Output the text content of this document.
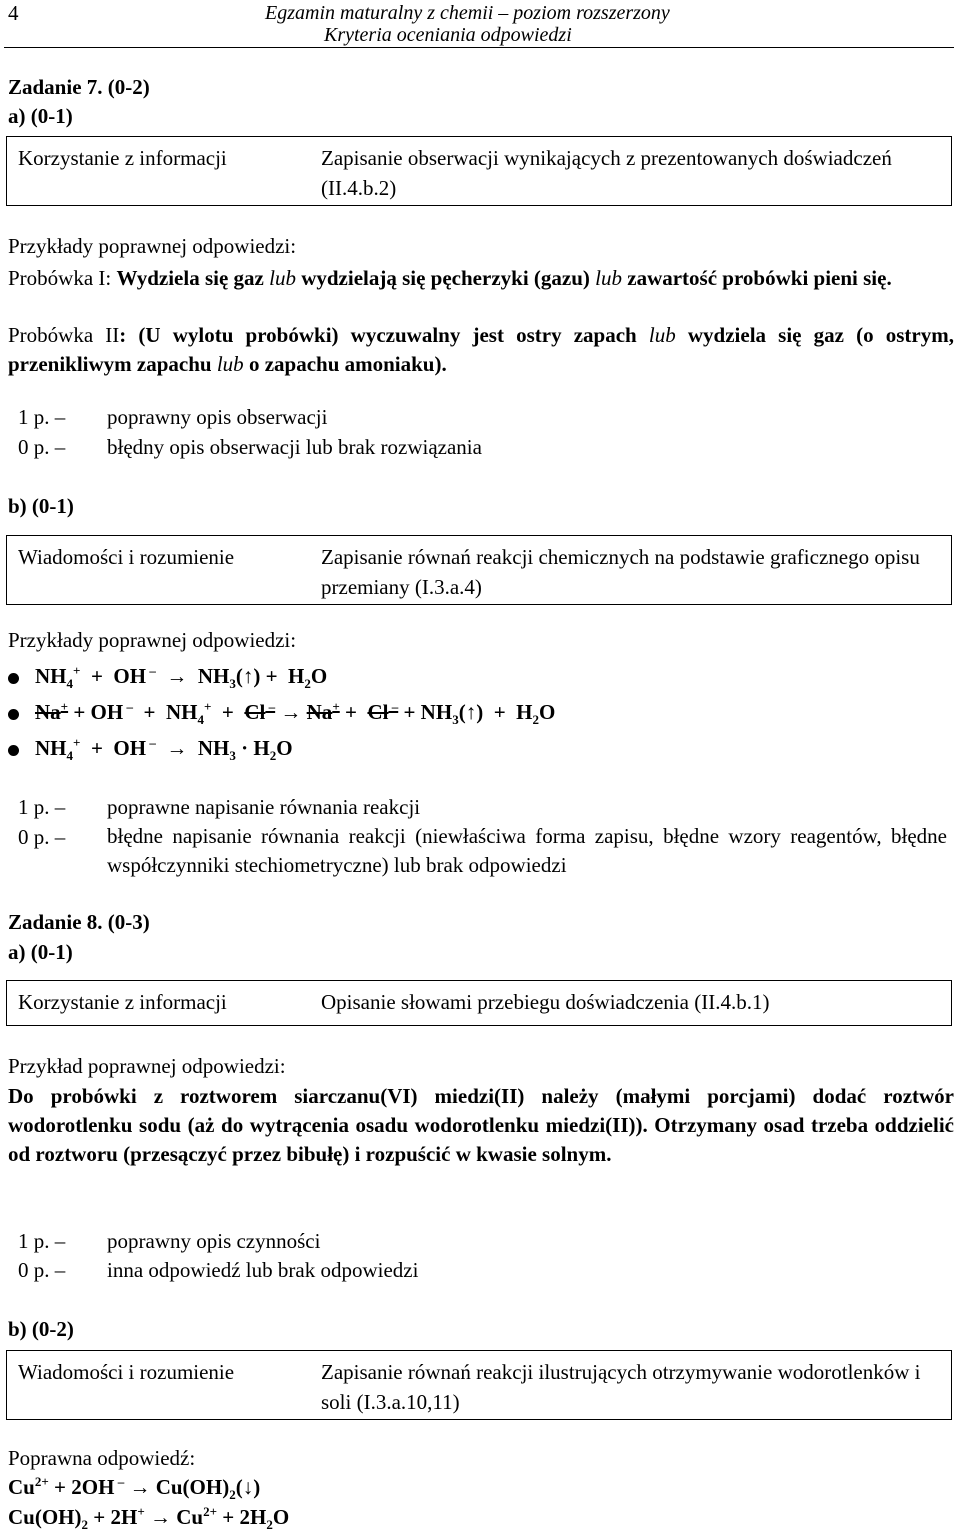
4	Egzamin maturalny z chemii – poziom rozszerzony
Kryteria oceniania odpowiedzi
Zadanie 7. (0-2)
a) (0-1)
Korzystanie z informacji	Zapisanie obserwacji wynikających z prezentowanych doświadczeń (II.4.b.2)
Przykłady poprawnej odpowiedzi:
Probówka I: Wydziela się gaz lub wydzielają się pęcherzyki (gazu) lub zawartość probówki pieni się.
Probówka II: (U wylotu probówki) wyczuwalny jest ostry zapach lub wydziela się gaz (o ostrym, przenikliwym zapachu lub o zapachu amoniaku).
1 p. – poprawny opis obserwacji
0 p. – błędny opis obserwacji lub brak rozwiązania
b) (0-1)
Wiadomości i rozumienie	Zapisanie równań reakcji chemicznych na podstawie graficznego opisu przemiany (I.3.a.4)
Przykłady poprawnej odpowiedzi:
$NH_4^+$  +  OH $^- \to NH_3(↑) + H_2O$
Na+ + OH $^- + NH_4^+ + Cl$ – → Na+ +  Cl $^- + NH_3(↑) + H_2O$
$NH_4^+$  +  OH $^- \to NH_3 \cdot H_2O$
1 p. – poprawne napisanie równania reakcji
0 p. – błędne napisanie równania reakcji (niewłaściwa forma zapisu, błędne wzory reagentów, błędne współczynniki stechiometryczne) lub brak odpowiedzi
Zadanie 8. (0-3)
a) (0-1)
Korzystanie z informacji	Opisanie słowami przebiegu doświadczenia (II.4.b.1)
Przykład poprawnej odpowiedzi:
Do probówki z roztworem siarczanu(VI) miedzi(II) należy (małymi porcjami) dodać roztwór wodorotlenku sodu (aż do wytrącenia osadu wodorotlenku miedzi(II)). Otrzymany osad trzeba oddzielić od roztworu (przesączyć przez bibułę) i rozpuścić w kwasie solnym.
1 p. – poprawny opis czynności
0 p. – inna odpowiedź lub brak odpowiedzi
b) (0-2)
Wiadomości i rozumienie	Zapisanie równań reakcji ilustrujących otrzymywanie wodorotlenków i soli (I.3.a.10,11)
Poprawna odpowiedź:
$Cu^{2+} + 2OH$ $^- \to Cu(OH)_2(↓)$
$Cu(OH)_2 + 2H^+ \to Cu^{2+} + 2H_2O$
